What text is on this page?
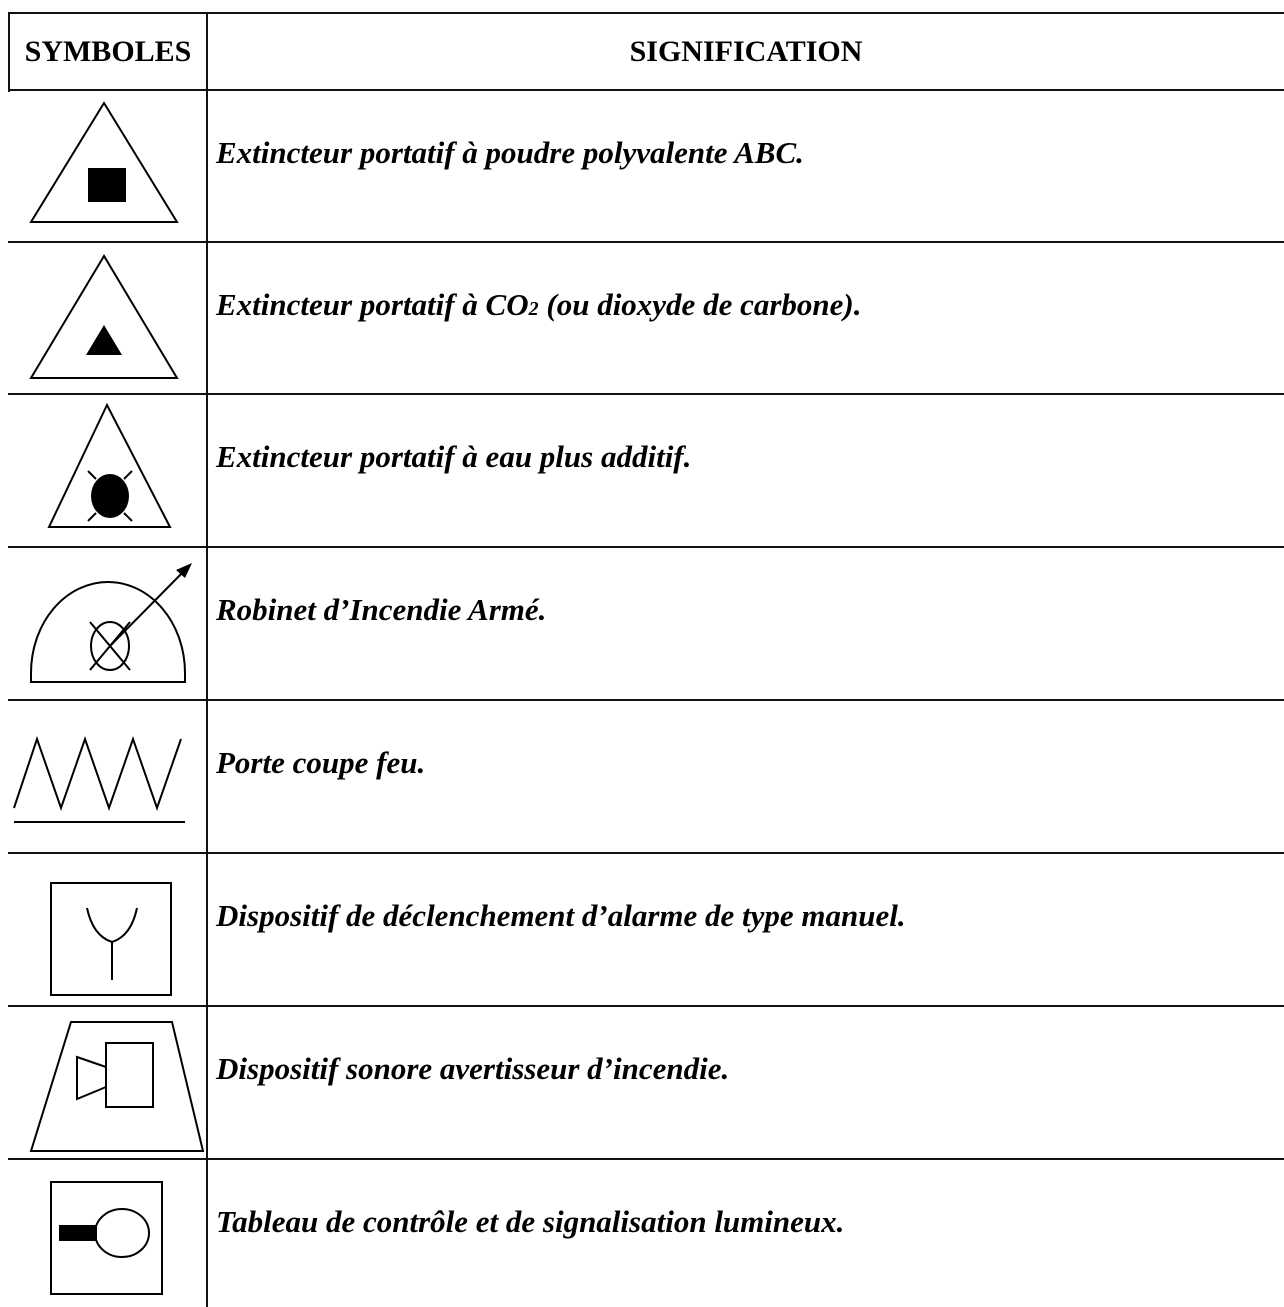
SYMBOLES	SIGNIFICATION
Extincteur portatif à poudre polyvalente ABC.
Extincteur portatif à CO2 (ou dioxyde de carbone).
Extincteur portatif à eau plus additif.
Robinet d’Incendie Armé.
Porte coupe feu.
Dispositif de déclenchement d’alarme de type manuel.
Dispositif sonore avertisseur d’incendie.
Tableau de contrôle et de signalisation lumineux.
